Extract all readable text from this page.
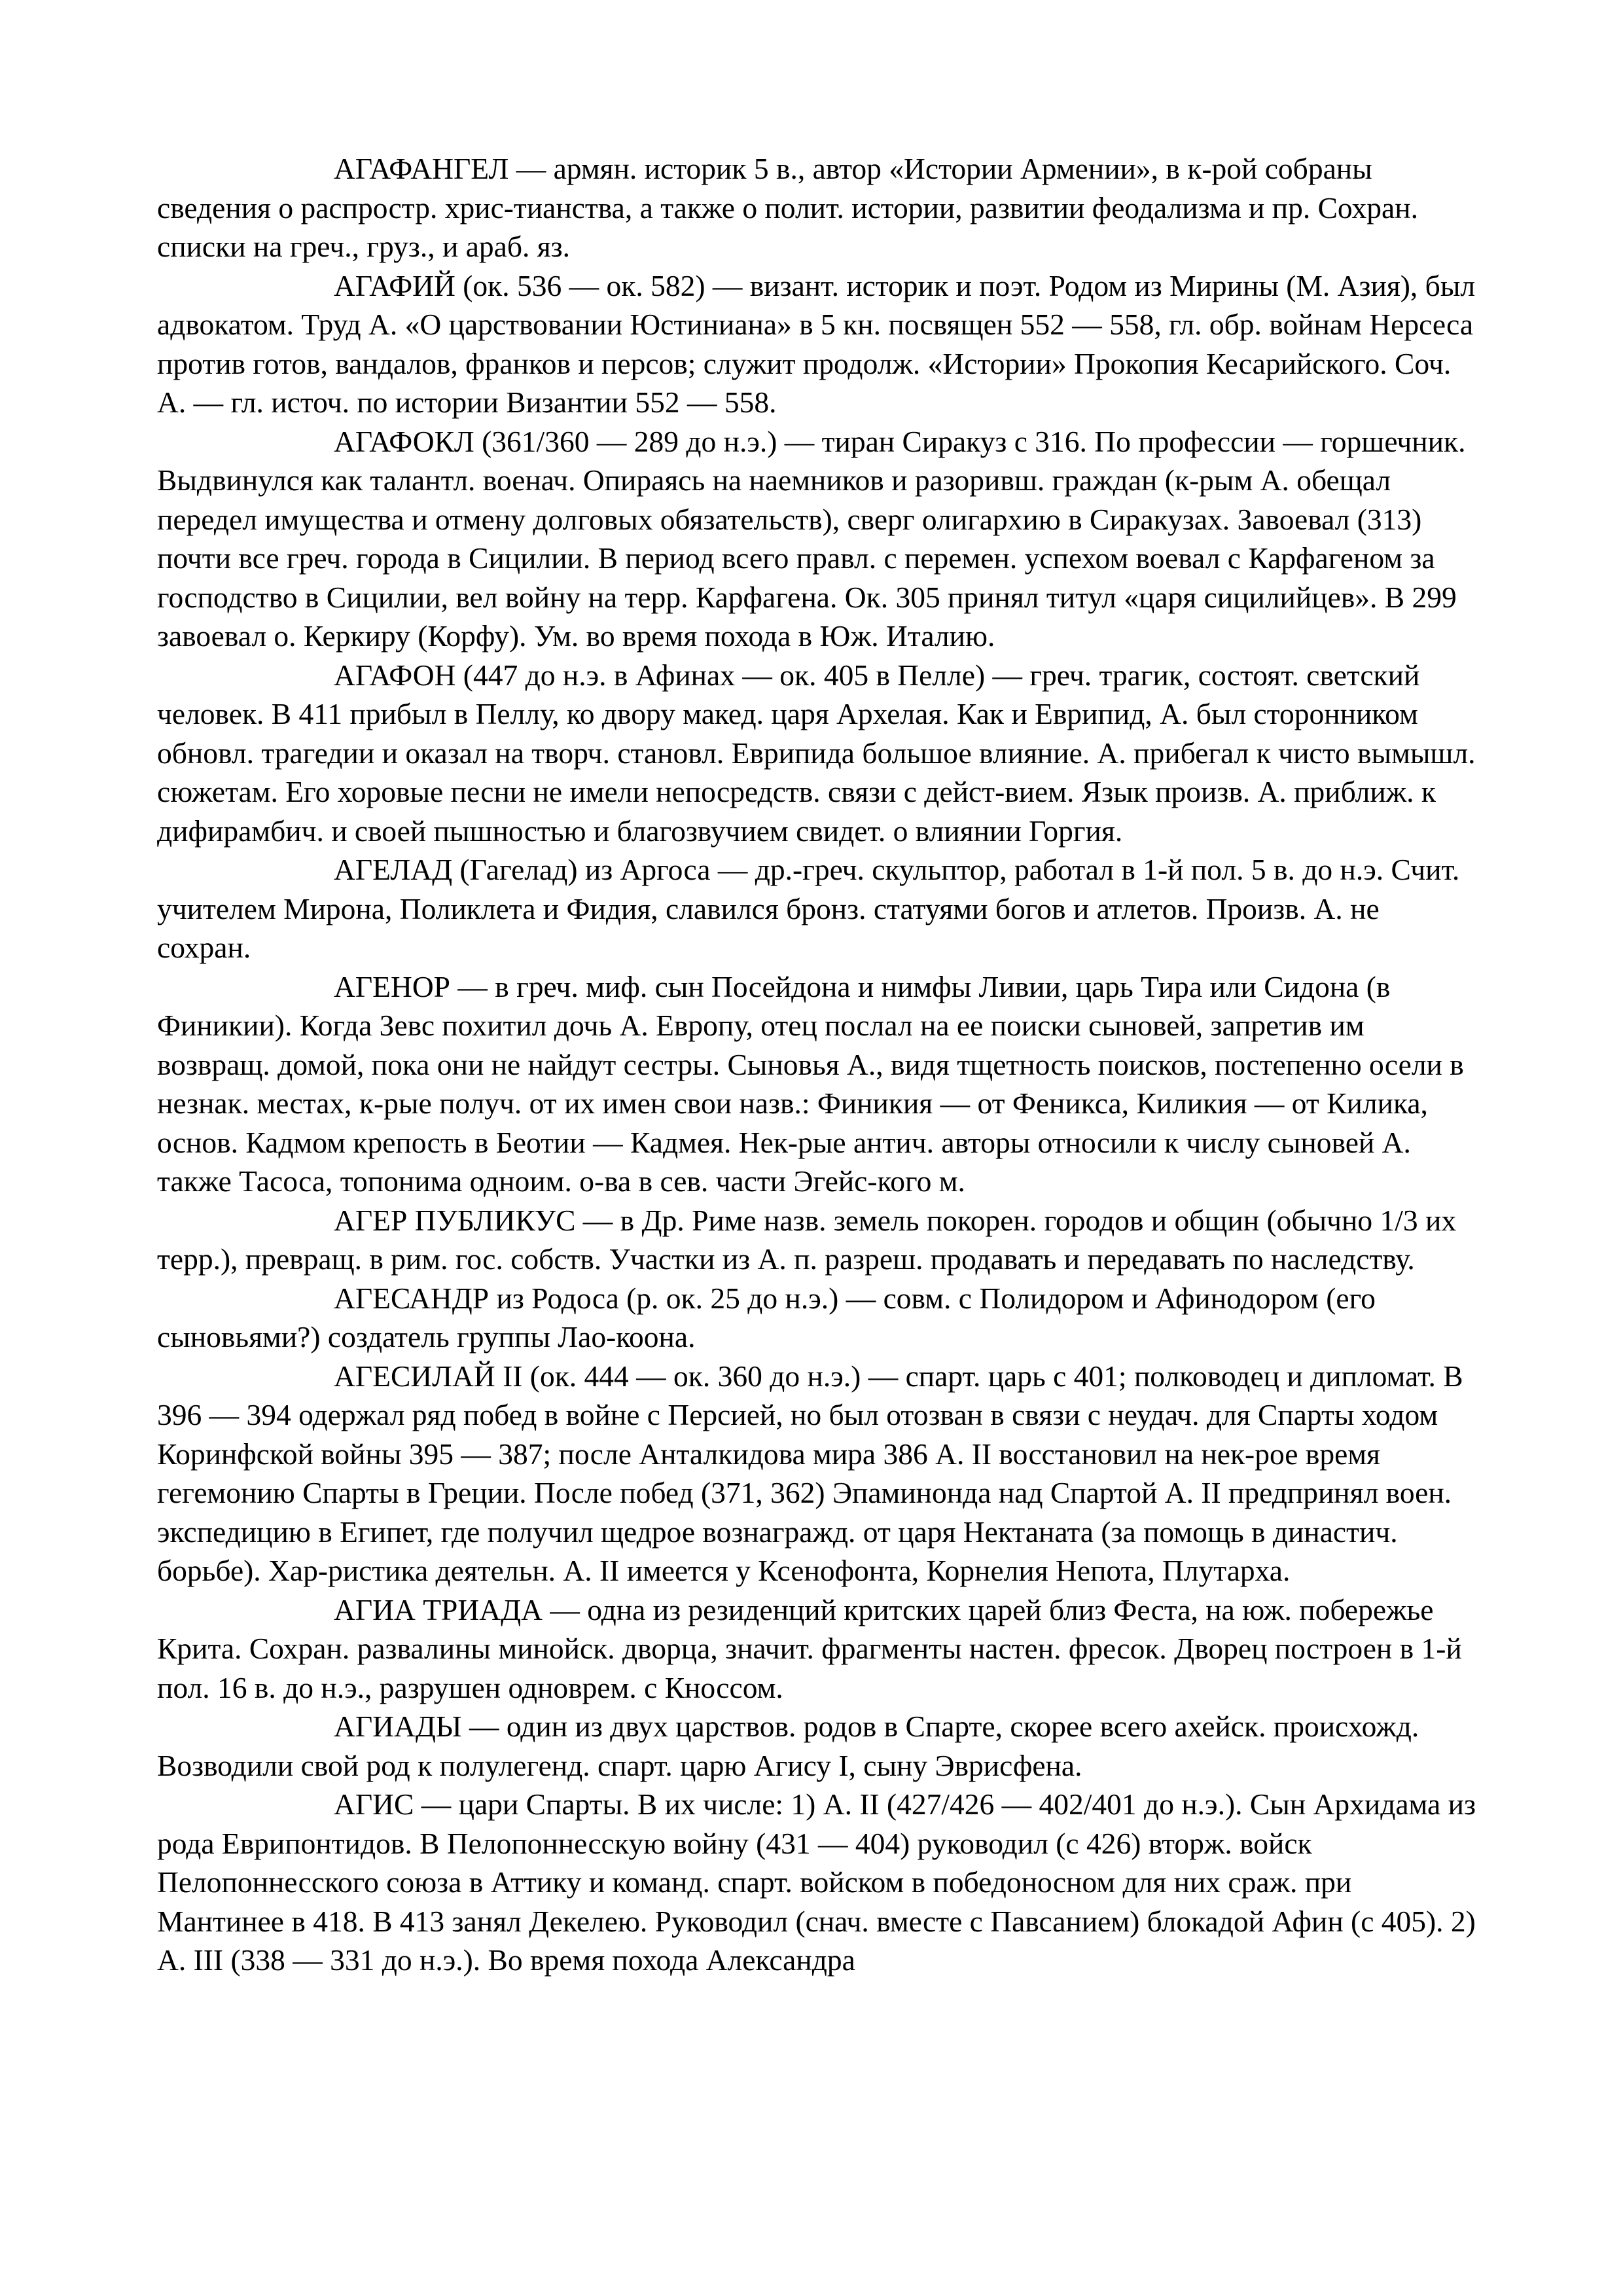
АГАФАНГЕЛ — армян. историк 5 в., автор «Истории Армении», в к-рой собраны сведения о распростр. хрис-тианства, а также о полит. истории, развитии феодализма и пр. Сохран. списки на греч., груз., и араб. яз.

АГАФИЙ (ок. 536 — ок. 582) — визант. историк и поэт. Родом из Мирины (М. Азия), был адвокатом. Труд А. «О царствовании Юстиниана» в 5 кн. посвящен 552 — 558, гл. обр. войнам Нерсеса против готов, вандалов, франков и персов; служит продолж. «Истории» Прокопия Кесарийского. Соч. А. — гл. источ. по истории Византии 552 — 558.

АГАФОКЛ (361/360 — 289 до н.э.) — тиран Сиракуз с 316. По профессии — горшечник. Выдвинулся как талантл. военач. Опираясь на наемников и разоривш. граждан (к-рым А. обещал передел имущества и отмену долговых обязательств), сверг олигархию в Сиракузах. Завоевал (313) почти все греч. города в Сицилии. В период всего правл. с перемен. успехом воевал с Карфагеном за господство в Сицилии, вел войну на терр. Карфагена. Ок. 305 принял титул «царя сицилийцев». В 299 завоевал о. Керкиру (Корфу). Ум. во время похода в Юж. Италию.

АГАФОН (447 до н.э. в Афинах — ок. 405 в Пелле) — греч. трагик, состоят. светский человек. В 411 прибыл в Пеллу, ко двору макед. царя Архелая. Как и Еврипид, А. был сторонником обновл. трагедии и оказал на творч. становл. Еврипида большое влияние. А. прибегал к чисто вымышл. сюжетам. Его хоровые песни не имели непосредств. связи с дейст-вием. Язык произв. А. приближ. к дифирамбич. и своей пышностью и благозвучием свидет. о влиянии Горгия.

АГЕЛАД (Гагелад) из Аргоса — др.-греч. скульптор, работал в 1-й пол. 5 в. до н.э. Счит. учителем Мирона, Поликлета и Фидия, славился бронз. статуями богов и атлетов. Произв. А. не сохран.

АГЕНОР — в греч. миф. сын Посейдона и нимфы Ливии, царь Тира или Сидона (в Финикии). Когда Зевс похитил дочь А. Европу, отец послал на ее поиски сыновей, запретив им возвращ. домой, пока они не найдут сестры. Сыновья А., видя тщетность поисков, постепенно осели в незнак. местах, к-рые получ. от их имен свои назв.: Финикия — от Феникса, Киликия — от Килика, основ. Кадмом крепость в Беотии — Кадмея. Нек-рые антич. авторы относили к числу сыновей А. также Тасоса, топонима одноим. о-ва в сев. части Эгейс-кого м.

АГЕР ПУБЛИКУС — в Др. Риме назв. земель покорен. городов и общин (обычно 1/3 их терр.), превращ. в рим. гос. собств. Участки из А. п. разреш. продавать и передавать по наследству.

АГЕСАНДР из Родоса (р. ок. 25 до н.э.) — совм. с Полидором и Афинодором (его сыновьями?) создатель группы Лао-коона.

АГЕСИЛАЙ II (ок. 444 — ок. 360 до н.э.) — спарт. царь с 401; полководец и дипломат. В 396 — 394 одержал ряд побед в войне с Персией, но был отозван в связи с неудач. для Спарты ходом Коринфской войны 395 — 387; после Анталкидова мира 386 А. II восстановил на нек-рое время гегемонию Спарты в Греции. После побед (371, 362) Эпаминонда над Спартой А. II предпринял воен. экспедицию в Египет, где получил щедрое вознагражд. от царя Нектаната (за помощь в династич. борьбе). Хар-ристика деятельн. А. II имеется у Ксенофонта, Корнелия Непота, Плутарха.

АГИА ТРИАДА — одна из резиденций критских царей близ Феста, на юж. побережье Крита. Сохран. развалины минойск. дворца, значит. фрагменты настен. фресок. Дворец построен в 1-й пол. 16 в. до н.э., разрушен одноврем. с Кноссом.

АГИАДЫ — один из двух царствов. родов в Спарте, скорее всего ахейск. происхожд. Возводили свой род к полулегенд. спарт. царю Агису I, сыну Эврисфена.

АГИС — цари Спарты. В их числе: 1) А. II (427/426 — 402/401 до н.э.). Сын Архидама из рода Еврипонтидов. В Пелопоннесскую войну (431 — 404) руководил (с 426) вторж. войск Пелопоннесского союза в Аттику и команд. спарт. войском в победоносном для них сраж. при Мантинее в 418. В 413 занял Декелею. Руководил (снач. вместе с Павсанием) блокадой Афин (с 405). 2) А. III (338 — 331 до н.э.). Во время похода Александра
